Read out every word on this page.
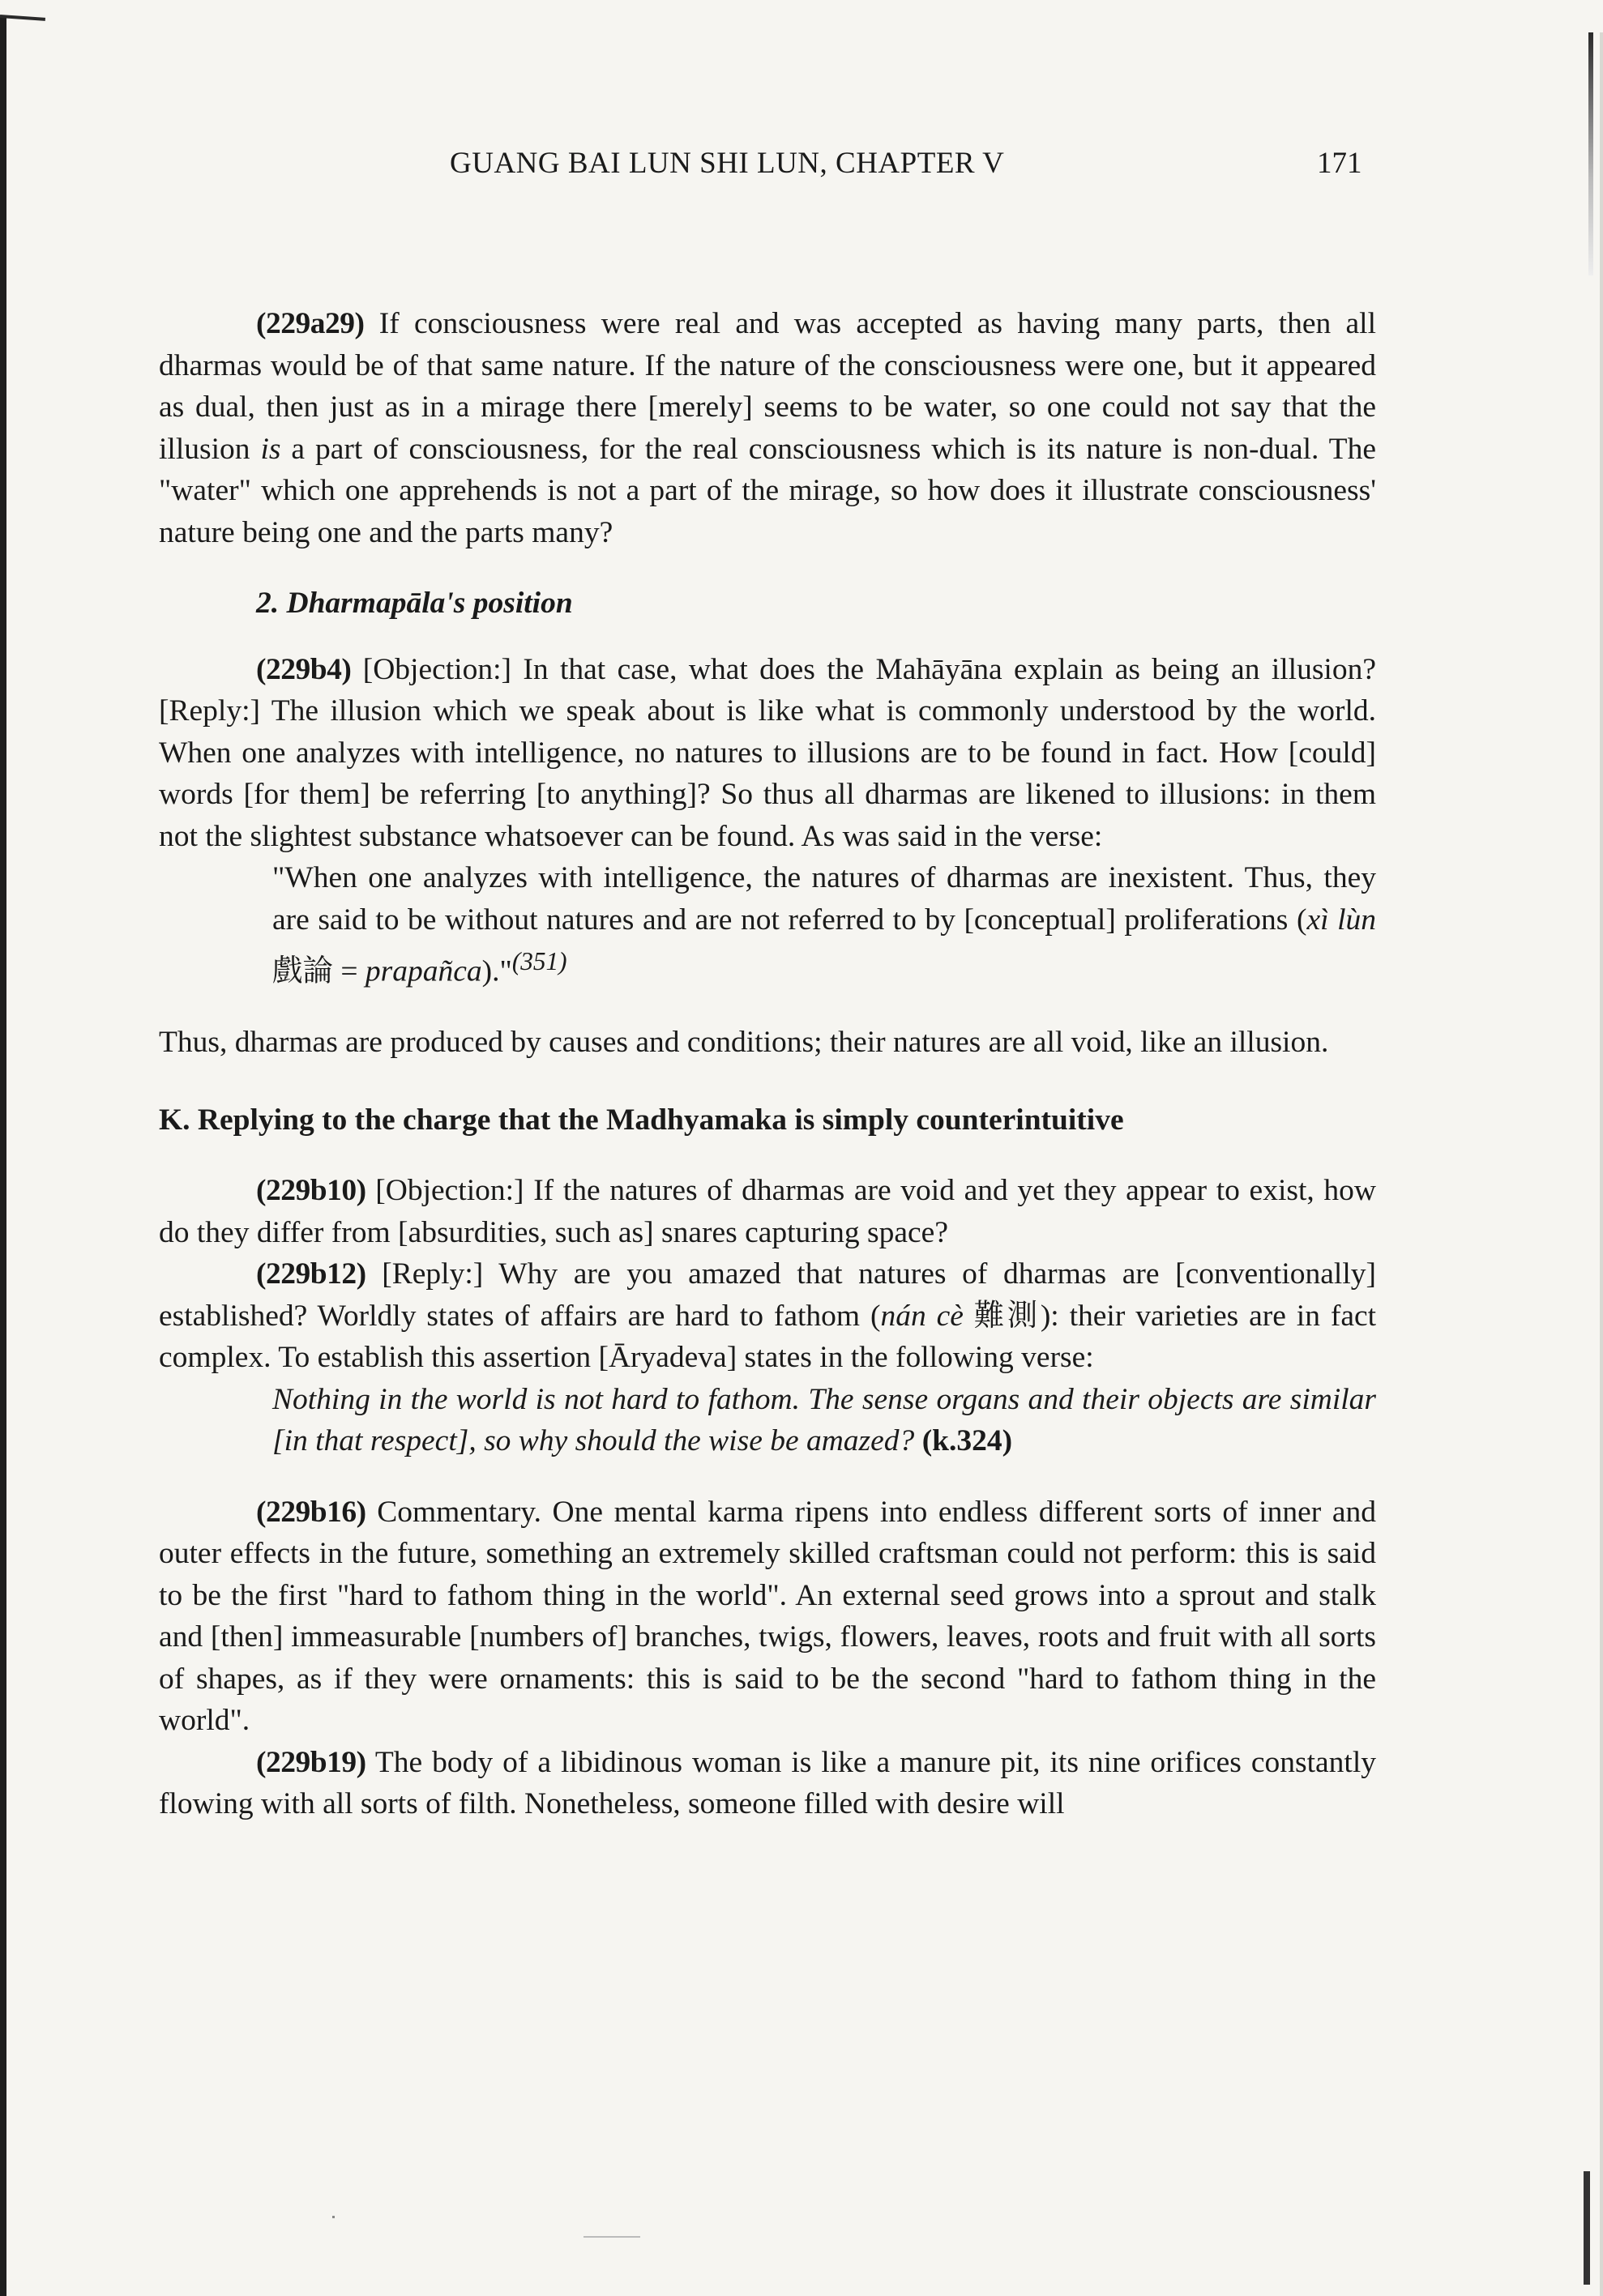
GUANG BAI LUN SHI LUN, CHAPTER V	171

(229a29) If consciousness were real and was accepted as having many parts, then all dharmas would be of that same nature. If the nature of the consciousness were one, but it appeared as dual, then just as in a mirage there [merely] seems to be water, so one could not say that the illusion is a part of consciousness, for the real consciousness which is its nature is non-dual. The "water" which one apprehends is not a part of the mirage, so how does it illustrate consciousness' nature being one and the parts many?

2. Dharmapāla's position

(229b4) [Objection:] In that case, what does the Mahāyāna explain as being an illusion? [Reply:] The illusion which we speak about is like what is commonly understood by the world. When one analyzes with intelligence, no natures to illusions are to be found in fact. How [could] words [for them] be referring [to anything]? So thus all dharmas are likened to illusions: in them not the slightest substance whatsoever can be found. As was said in the verse:

"When one analyzes with intelligence, the natures of dharmas are inexistent. Thus, they are said to be without natures and are not referred to by [conceptual] proliferations (xì lùn 戲論 = prapañca)."$^{(351)}$

Thus, dharmas are produced by causes and conditions; their natures are all void, like an illusion.

K. Replying to the charge that the Madhyamaka is simply counterintuitive

(229b10) [Objection:] If the natures of dharmas are void and yet they appear to exist, how do they differ from [absurdities, such as] snares capturing space?

(229b12) [Reply:] Why are you amazed that natures of dharmas are [conventionally] established? Worldly states of affairs are hard to fathom (nán cè 難測): their varieties are in fact complex. To establish this assertion [Āryadeva] states in the following verse:

Nothing in the world is not hard to fathom. The sense organs and their objects are similar [in that respect], so why should the wise be amazed? (k.324)

(229b16) Commentary. One mental karma ripens into endless different sorts of inner and outer effects in the future, something an extremely skilled craftsman could not perform: this is said to be the first "hard to fathom thing in the world". An external seed grows into a sprout and stalk and [then] immeasurable [numbers of] branches, twigs, flowers, leaves, roots and fruit with all sorts of shapes, as if they were ornaments: this is said to be the second "hard to fathom thing in the world".

(229b19) The body of a libidinous woman is like a manure pit, its nine orifices constantly flowing with all sorts of filth. Nonetheless, someone filled with desire will
